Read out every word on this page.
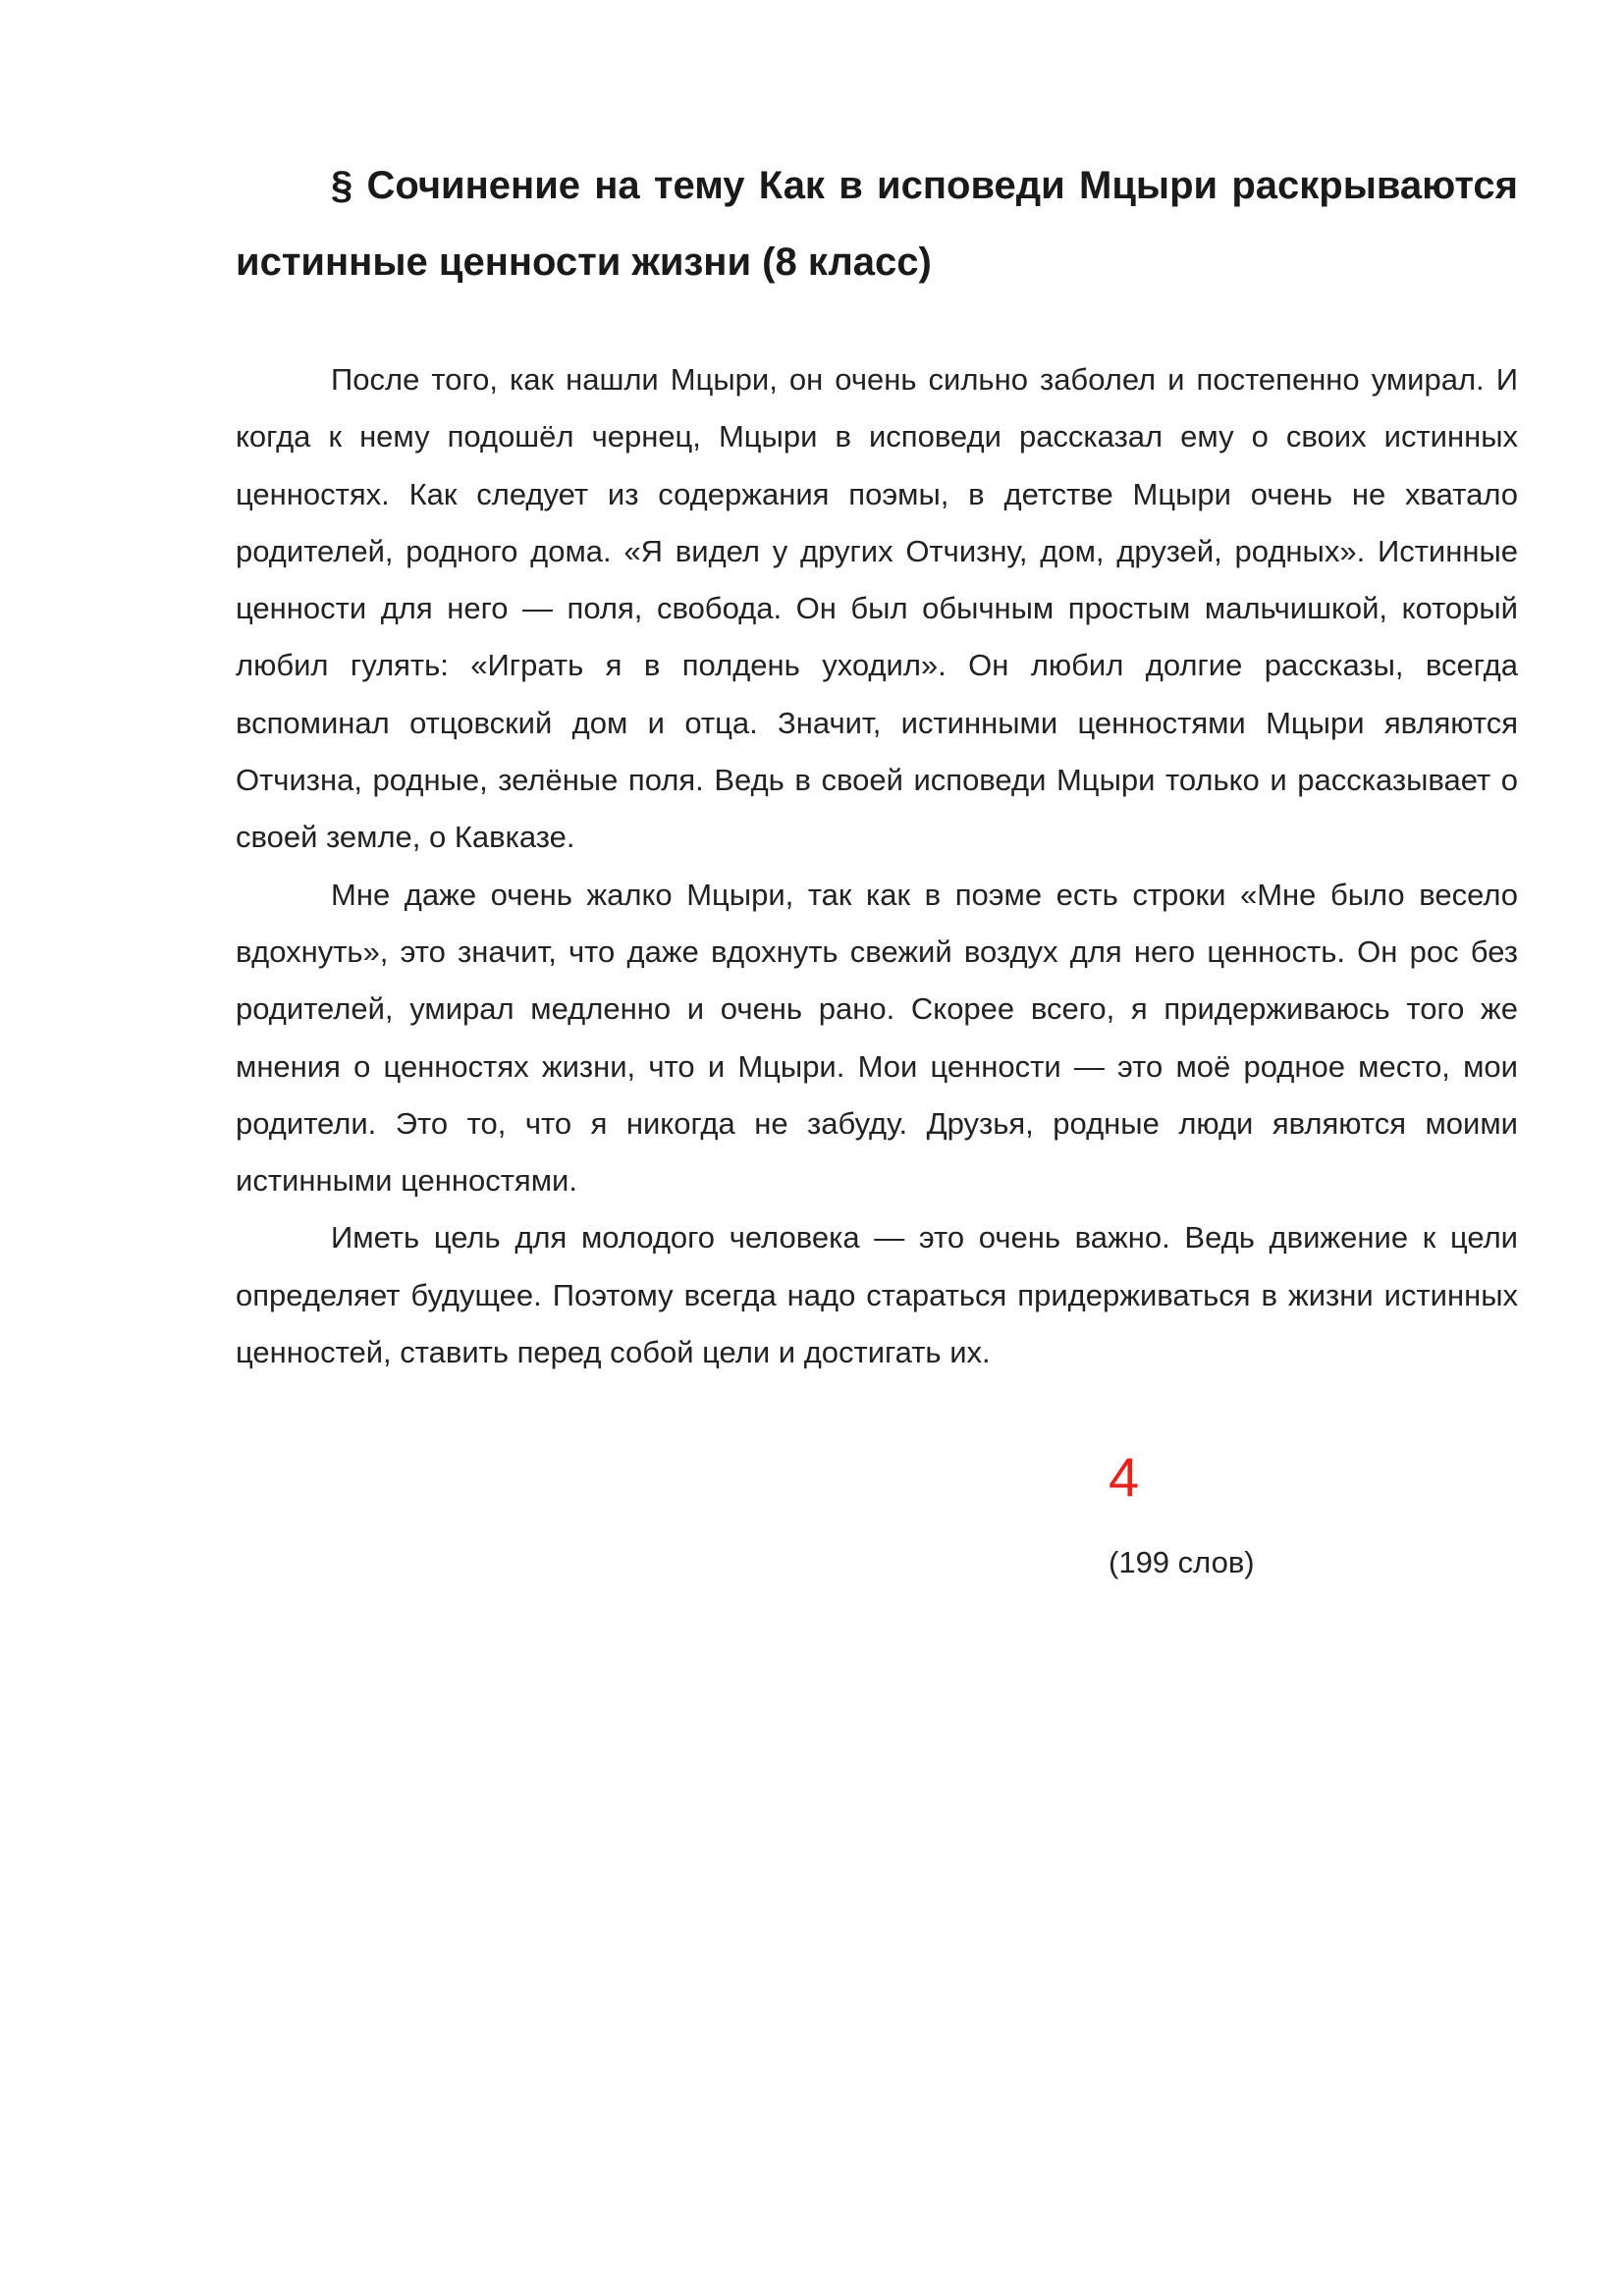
§ Сочинение на тему Как в исповеди Мцыри раскрываются истинные ценности жизни (8 класс)

После того, как нашли Мцыри, он очень сильно заболел и постепенно умирал. И когда к нему подошёл чернец, Мцыри в исповеди рассказал ему о своих истинных ценностях. Как следует из содержания поэмы, в детстве Мцыри очень не хватало родителей, родного дома. «Я видел у других Отчизну, дом, друзей, родных». Истинные ценности для него — поля, свобода. Он был обычным простым мальчишкой, который любил гулять: «Играть я в полдень уходил». Он любил долгие рассказы, всегда вспоминал отцовский дом и отца. Значит, истинными ценностями Мцыри являются Отчизна, родные, зелёные поля. Ведь в своей исповеди Мцыри только и рассказывает о своей земле, о Кавказе.

Мне даже очень жалко Мцыри, так как в поэме есть строки «Мне было весело вдохнуть», это значит, что даже вдохнуть свежий воздух для него ценность. Он рос без родителей, умирал медленно и очень рано. Скорее всего, я придерживаюсь того же мнения о ценностях жизни, что и Мцыри. Мои ценности — это моё родное место, мои родители. Это то, что я никогда не забуду. Друзья, родные люди являются моими истинными ценностями.

Иметь цель для молодого человека — это очень важно. Ведь движение к цели определяет будущее. Поэтому всегда надо стараться придерживаться в жизни истинных ценностей, ставить перед собой цели и достигать их.

4
(199 слов)
